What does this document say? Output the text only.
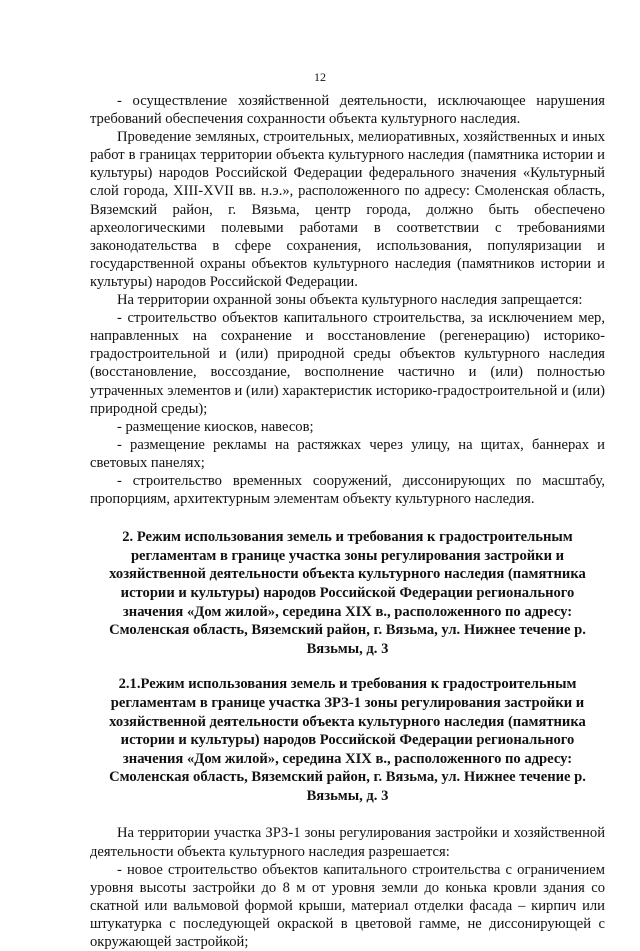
12

- осуществление хозяйственной деятельности, исключающее нарушения требований обеспечения сохранности объекта культурного наследия.

Проведение земляных, строительных, мелиоративных, хозяйственных и иных работ в границах территории объекта культурного наследия (памятника истории и культуры) народов Российской Федерации федерального значения «Культурный слой города, XIII-XVII вв. н.э.», расположенного по адресу: Смоленская область, Вяземский район, г. Вязьма, центр города, должно быть обеспечено археологическими полевыми работами в соответствии с требованиями законодательства в сфере сохранения, использования, популяризации и государственной охраны объектов культурного наследия (памятников истории и культуры) народов Российской Федерации.

На территории охранной зоны объекта культурного наследия запрещается:

- строительство объектов капитального строительства, за исключением мер, направленных на сохранение и восстановление (регенерацию) историко-градостроительной и (или) природной среды объектов культурного наследия (восстановление, воссоздание, восполнение частично и (или) полностью утраченных элементов и (или) характеристик историко-градостроительной и (или) природной среды);

- размещение киосков, навесов;

- размещение рекламы на растяжках через улицу, на щитах, баннерах и световых панелях;

- строительство временных сооружений, диссонирующих по масштабу, пропорциям, архитектурным элементам объекту культурного наследия.

2. Режим использования земель и требования к градостроительным регламентам в границе участка зоны регулирования застройки и хозяйственной деятельности объекта культурного наследия (памятника истории и культуры) народов Российской Федерации регионального значения «Дом жилой», середина XIX в., расположенного по адресу: Смоленская область, Вяземский район, г. Вязьма, ул. Нижнее течение р. Вязьмы, д. 3
2.1.Режим использования земель и требования к градостроительным регламентам в границе участка ЗРЗ-1 зоны регулирования застройки и хозяйственной деятельности объекта культурного наследия (памятника истории и культуры) народов Российской Федерации регионального значения «Дом жилой», середина XIX в., расположенного по адресу: Смоленская область, Вяземский район, г. Вязьма, ул. Нижнее течение р. Вязьмы, д. 3

На территории участка ЗРЗ-1 зоны регулирования застройки и хозяйственной деятельности объекта культурного наследия разрешается:

- новое строительство объектов капитального строительства с ограничением уровня высоты застройки до 8 м от уровня земли до конька кровли здания со скатной или вальмовой формой крыши, материал отделки фасада – кирпич или штукатурка с последующей окраской в цветовой гамме, не диссонирующей с окружающей застройкой;
